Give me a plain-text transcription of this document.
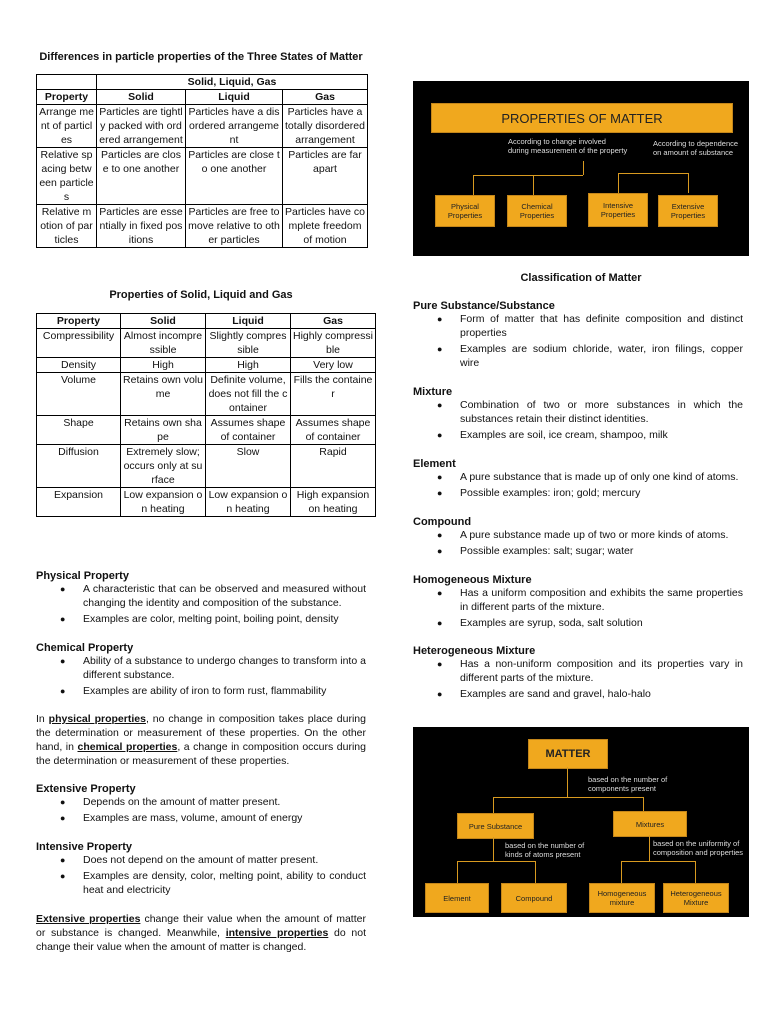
Differences in particle properties of the Three States of Matter
	Solid, Liquid, Gas		
Property	Solid	Liquid	Gas
Arrange ment of particles	Particles are tightly packed with ordered arrangement	Particles have a disordered arrangement	Particles have a totally disordered arrangement
Relative spacing between particles	Particles are close to one another	Particles are close to one another	Particles are far apart
Relative motion of particles	Particles are essentially in fixed positions	Particles are free to move relative to other particles	Particles have complete freedom of motion
Properties of Solid, Liquid and Gas
Property	Solid	Liquid	Gas
Compressibility	Almost incompressible	Slightly compressible	Highly compressible
Density	High	High	Very low
Volume	Retains own volume	Definite volume, does not fill the container	Fills the container
Shape	Retains own shape	Assumes shape of container	Assumes shape of container
Diffusion	Extremely slow; occurs only at surface	Slow	Rapid
Expansion	Low expansion on heating	Low expansion on heating	High expansion on heating
Physical Property
● A characteristic that can be observed and measured without changing the identity and composition of the substance.
● Examples are color, melting point, boiling point, density
Chemical Property
● Ability of a substance to undergo changes to transform into a different substance.
● Examples are ability of iron to form rust, flammability
In physical properties, no change in composition takes place during the determination or measurement of these properties. On the other hand, in chemical properties, a change in composition occurs during the determination or measurement of these properties.
Extensive Property
● Depends on the amount of matter present.
● Examples are mass, volume, amount of energy
Intensive Property
● Does not depend on the amount of matter present.
● Examples are density, color, melting point, ability to conduct heat and electricity
Extensive properties change their value when the amount of matter or substance is changed. Meanwhile, intensive properties do not change their value when the amount of matter is changed.
PROPERTIES OF MATTER
According to change involved during measurement of the property
According to dependence on amount of substance
Physical Properties
Chemical Properties
Intensive Properties
Extensive Properties
Classification of Matter
Pure Substance/Substance
● Form of matter that has definite composition and distinct properties
● Examples are sodium chloride, water, iron filings, copper wire
Mixture
● Combination of two or more substances in which the substances retain their distinct identities.
● Examples are soil, ice cream, shampoo, milk
Element
● A pure substance that is made up of only one kind of atoms.
● Possible examples: iron; gold; mercury
Compound
● A pure substance made up of two or more kinds of atoms.
● Possible examples: salt; sugar; water
Homogeneous Mixture
● Has a uniform composition and exhibits the same properties in different parts of the mixture.
● Examples are syrup, soda, salt solution
Heterogeneous Mixture
● Has a non-uniform composition and its properties vary in different parts of the mixture.
● Examples are sand and gravel, halo-halo
MATTER
based on the number of components present
Pure Substance	Mixtures
based on the number of kinds of atoms present
based on the uniformity of composition and properties
Element	Compound	Homogeneous mixture
Heterogeneous Mixture
